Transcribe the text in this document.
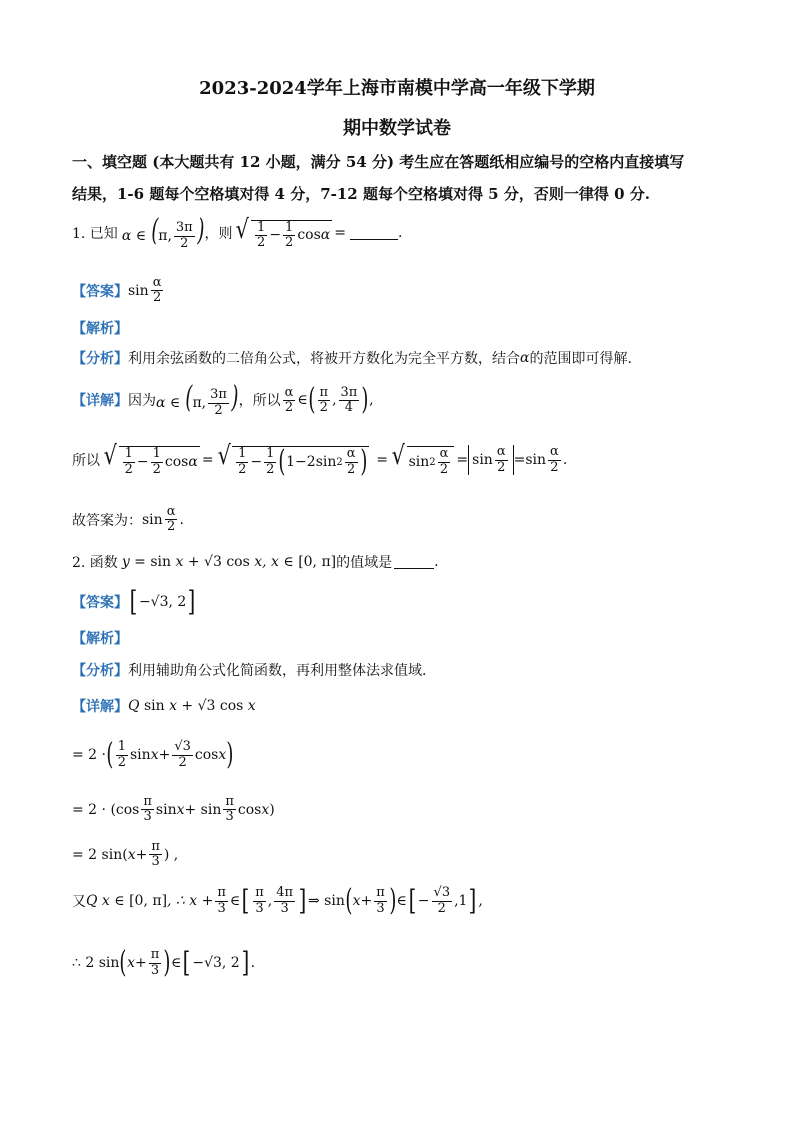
2023-2024学年上海市南模中学高一年级下学期
期中数学试卷
一、填空题 (本大题共有 12 小题，满分 54 分) 考生应在答题纸相应编号的空格内直接填写
结果，1-6 题每个空格填对得 4 分，7-12 题每个空格填对得 5 分，否则一律得 0 分.
1. 已知 α ∈ (π, $\frac{3\pi}{2}$ ) ，则 √ $\frac{1}{2} - \frac{1}{2}$ cos α =	.
【答案】 $\sin \frac{\alpha}{2}$
【解析】
【分析】 利用余弦函数的二倍角公式，将被开方数化为完全平方数，结合 α 的范围即可得解.
【详解】 因为 α ∈ (π, $\frac{3\pi}{2}$ ) ，所以 $\frac{\alpha}{2}$ ∈ ( $\frac{\pi}{2}$ , $\frac{3\pi}{4}$ ) ,
所以 √ $\frac{1}{2} - \frac{1}{2}$ cos α = √ $\frac{1}{2} - \frac{1}{2}$ ( 1−2 $\sin 2 \frac{\alpha}{2}$ ) = √ $\sin 2 \frac{\alpha}{2} = \sin \frac{\alpha}{2} = \sin \frac{\alpha}{2}$ .
故答案为： $\sin \frac{\alpha}{2}$ .
2. 函数 y = sin x + √3 cos x, x ∈ [0, π] 的值域是	.
【答案】 [ −√3, 2 ]
【解析】
【分析】 利用辅助角公式化简函数，再利用整体法求值域.
【详解】 Q sin x + √3 cos x
= 2 · ( $\frac{1}{2}$ $\sin x + \frac{√3}{2}$ cos x )
= $2 \cdot (\cos \frac{\pi}{3}$ $\sin x + \sin \frac{\pi}{3}$ cos x )
= 2 sin( $x + \frac{\pi}{3}$ ) ,
又 Q x ∈ [0, π], ∴ $x + \frac{\pi}{3}$ ∈ [ $\frac{\pi}{3}$ , $\frac{4\pi}{3}$ ] ⇒ sin ( $x + \frac{\pi}{3}$ ) ∈ [ − $\frac{√3}{2} ,1$ ] ,
∴ 2 sin ( $x + \frac{\pi}{3}$ ) ∈ [ −√3, 2 ] .
